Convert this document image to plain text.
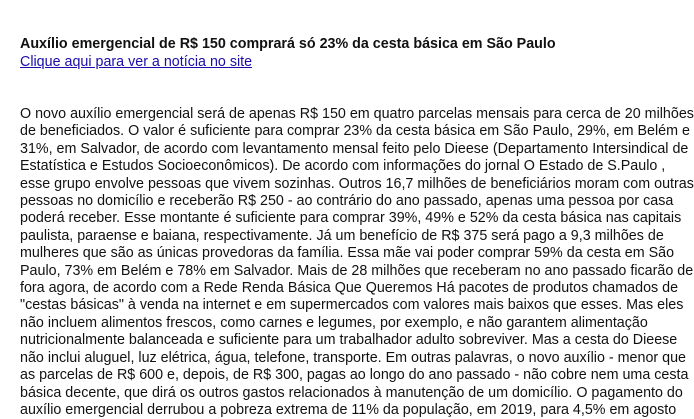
Auxílio emergencial de R$ 150 comprará só 23% da cesta básica em São Paulo
Clique aqui para ver a notícia no site
O novo auxílio emergencial será de apenas R$ 150 em quatro parcelas mensais para cerca de 20 milhões
de beneficiados. O valor é suficiente para comprar 23% da cesta básica em São Paulo, 29%, em Belém e
31%, em Salvador, de acordo com levantamento mensal feito pelo Dieese (Departamento Intersindical de
Estatística e Estudos Socioeconômicos). De acordo com informações do jornal O Estado de S.Paulo ,
esse grupo envolve pessoas que vivem sozinhas. Outros 16,7 milhões de beneficiários moram com outras
pessoas no domicílio e receberão R$ 250 - ao contrário do ano passado, apenas uma pessoa por casa
poderá receber. Esse montante é suficiente para comprar 39%, 49% e 52% da cesta básica nas capitais
paulista, paraense e baiana, respectivamente. Já um benefício de R$ 375 será pago a 9,3 milhões de
mulheres que são as únicas provedoras da família. Essa mãe vai poder comprar 59% da cesta em São
Paulo, 73% em Belém e 78% em Salvador. Mais de 28 milhões que receberam no ano passado ficarão de
fora agora, de acordo com a Rede Renda Básica Que Queremos Há pacotes de produtos chamados de
"cestas básicas" à venda na internet e em supermercados com valores mais baixos que esses. Mas eles
não incluem alimentos frescos, como carnes e legumes, por exemplo, e não garantem alimentação
nutricionalmente balanceada e suficiente para um trabalhador adulto sobreviver. Mas a cesta do Dieese
não inclui aluguel, luz elétrica, água, telefone, transporte. Em outras palavras, o novo auxílio - menor que
as parcelas de R$ 600 e, depois, de R$ 300, pagas ao longo do ano passado - não cobre nem uma cesta
básica decente, que dirá os outros gastos relacionados à manutenção de um domicílio. O pagamento do
auxílio emergencial derrubou a pobreza extrema de 11% da população, em 2019, para 4,5% em agosto
